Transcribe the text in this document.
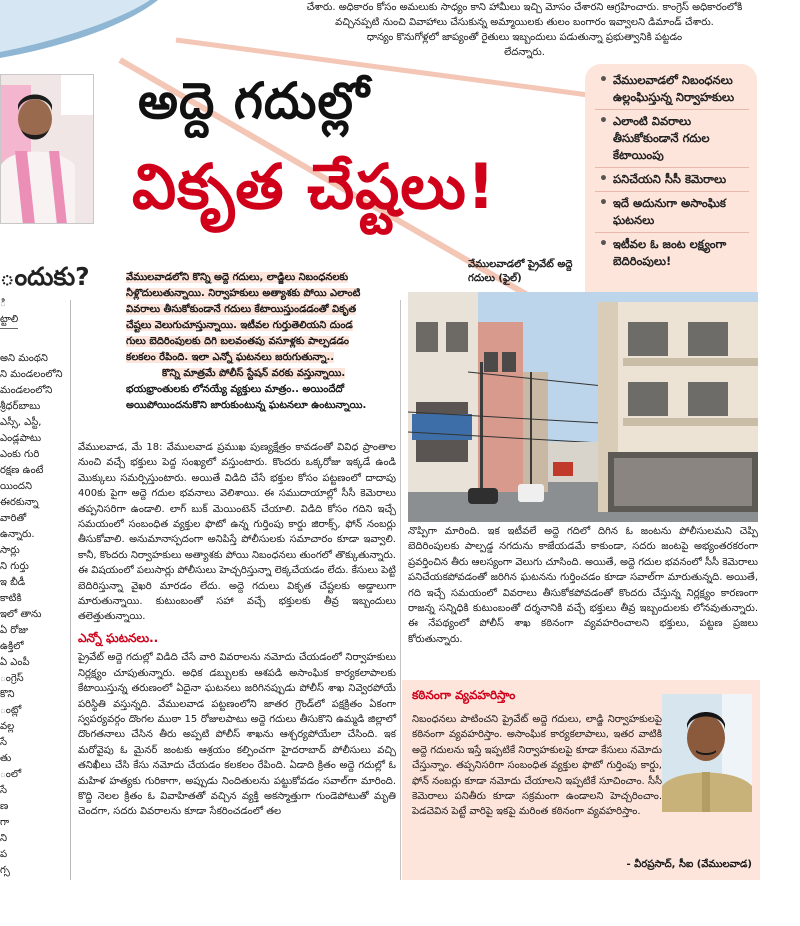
చేశారు. అధికారం కోసం అమలుకు సాధ్యం కాని హామీలు ఇచ్చి మోసం చేశారని ఆగ్రహించారు. కాంగ్రెస్ అధికారంలోకి

వచ్చినప్పటి నుంచి వివాహాలు చేసుకున్న అమ్మాయిలకు తులం బంగారం ఇవ్వాలని డిమాండ్ చేశారు.

ధాన్యం కొనుగోళ్లలో జాప్యంతో రైతులు ఇబ్బందులు పడుతున్నా ప్రభుత్వానికి పట్టడం

లేదన్నారు.

ందుకు?
ి
ట్టాలి

అని మంథని
ని మండలంలోని
మండలంలోని
శ్రీధర్‌బాబు
ఎస్సీ, ఎస్టీ,
ఎండ్లపాటు
ఎంకు గురి
రక్షణ ఉంటే
యిందని
ఈరకున్నా
వారితో
ఉన్నారు.
సార్లు
ని గుర్తు
ఇ బీడీ
కాటికి
ఇలో తాను
ఏ రోజు
ఉక్తిలో
ఏ ఎంపీ
ంగ్రెస్
కొని
ంట్లో
వల్ల
సే
తు
ంలో
సే
ణ
గా
ని
ప
గ్స
అద్దె గదుల్లో
వికృత చేష్టలు!
• వేములవాడలో నిబంధనలు ఉల్లంఘిస్తున్న నిర్వాహకులు
• ఎలాంటి వివరాలు తీసుకోకుండానే గదుల కేటాయింపు
• పనిచేయని సీసీ కెమెరాలు
• ఇదే అదునుగా అసాంఘిక ఘటనలు
• ఇటీవల ఓ జంట లక్ష్యంగా బెదిరింపులు!
వేములవాడలో ప్రైవేట్ అద్దె గదులు (ఫైల్)
వేములవాడలోని కొన్ని అద్దె గదులు, లాడ్జిలు నిబంధనలకు
నీళ్లొదులుతున్నాయి. నిర్వాహకులు అత్యాశకు పోయి ఎలాంటి
వివరాలు తీసుకోకుండానే గదులు కేటాయిస్తుండడంతో వికృత
చేష్టలు వెలుగుచూస్తున్నాయి. ఇటీవల గుర్తుతెలియని దుండ
గులు బెదిరింపులకు దిగి బలవంతపు వసూళ్లకు పాల్పడడం
కలకలం రేపింది. ఇలా ఎన్నో ఘటనలు జరుగుతున్నా..
కొన్ని మాత్రమే పోలీస్ స్టేషన్ వరకు వస్తున్నాయి.
భయభ్రాంతులకు లోనయ్యే వ్యక్తులు మాత్రం.. అయిందేదో
అయిపోయిందనుకొని జారుకుంటున్న ఘటనలూ ఉంటున్నాయి.

వేములవాడ, మే 18: వేములవాడ ప్రముఖ పుణ్యక్షేత్రం కావడంతో వివిధ ప్రాంతాల నుంచి వచ్చే భక్తులు పెద్ద సంఖ్యలో వస్తుంటారు. కొందరు ఒక్కరోజు ఇక్కడే ఉండి మొక్కులు సమర్పిస్తుంటారు. అయితే విడిది చేసే భక్తుల కోసం పట్టణంలో దాదాపు 400కు పైగా అద్దె గదుల భవనాలు వెలిశాయి. ఈ సముదాయాల్లో సీసీ కెమెరాలు తప్పనిసరిగా ఉండాలి. లాగ్ బుక్ మెయింటెన్ చేయాలి. విడిది కోసం గదిని ఇచ్చే సమయంలో సంబంధిత వ్యక్తుల ఫొటో ఉన్న గుర్తింపు కార్డు జిరాక్స్, ఫోన్ నంబర్లు తీసుకోవాలి. అనుమానాస్పదంగా అనిపిస్తే పోలీసులకు సమాచారం కూడా ఇవ్వాలి. కానీ, కొందరు నిర్వాహకులు అత్యాశకు పోయి నిబంధనలు తుంగలో తొక్కుతున్నారు. ఈ విషయంలో పలుసార్లు పోలీసులు హెచ్చరిస్తున్నా లెక్కచేయడం లేదు. కేసులు పెట్టి బెదిరిస్తున్నా వైఖరి మారడం లేదు. అద్దె గదులు వికృత చేష్టలకు అడ్డాలుగా మారుతున్నాయి. కుటుంబంతో సహా వచ్చే భక్తులకు తీవ్ర ఇబ్బందులు తలెత్తుతున్నాయి.

ఎన్నో ఘటనలు..

ప్రైవేట్ అద్దె గదుల్లో విడిది చేసే వారి వివరాలను నమోదు చేయడంలో నిర్వాహకులు నిర్లక్ష్యం చూపుతున్నారు. అధిక డబ్బులకు ఆశపడి అసాంఘిక కార్యకలాపాలకు కేటాయిస్తున్న తరుణంలో ఏదైనా ఘటనలు జరిగినప్పుడు పోలీస్ శాఖ నివ్వెరపోయే పరిస్థితి వస్తున్నది. వేములవాడ పట్టణంలోని జాతర గ్రౌండ్‌లో పక్షక్రితం ఏకంగా స్వపర్యవర్గం దొంగల ముఠా 15 రోజులపాటు అద్దె గదులు తీసుకొని ఉమ్మడి జిల్లాలో దొంగతనాలు చేసిన తీరు అప్పటి పోలీస్ శాఖను ఆశ్చర్యపోయేలా చేసింది. ఇక మరోవైపు ఓ మైనర్ జంటకు ఆశ్రయం కల్పించగా హైదరాబాద్ పోలీసులు వచ్చి తనిఖీలు చేసి కేసు నమోదు చేయడం కలకలం రేపింది. ఏడాది క్రితం అద్దె గదుల్లో ఓ మహిళ హత్యకు గురికాగా, అప్పుడు నిందితులను పట్టుకోవడం సవాల్‌గా మారింది. కొద్ది నెలల క్రితం ఓ వివాహితతో వచ్చిన వ్యక్తి అకస్మాత్తుగా గుండెపోటుతో మృతి చెందగా, సదరు వివరాలను కూడా సేకరించడంలో తల

నొప్పిగా మారింది. ఇక ఇటీవలే అద్దె గదిలో దిగిన ఓ జంటను పోలీసులమని చెప్పి బెదిరింపులకు పాల్పడ్డ నగదును కాజేయడమే కాకుండా, సదరు జంటపై అభ్యంతరకరంగా ప్రవర్తించిన తీరు ఆలస్యంగా వెలుగు చూసింది. అయితే, అద్దె గదుల భవనంలో సీసీ కెమెరాలు పనిచేయకపోవడంతో జరిగిన ఘటనను గుర్తించడం కూడా సవాల్‌గా మారుతున్నది. అయితే, గది ఇచ్చే సమయంలో వివరాలు తీసుకోకపోవడంతో కొందరు చేస్తున్న నిర్లక్ష్యం కారణంగా రాజన్న సన్నిధికి కుటుంబంతో దర్శనానికి వచ్చే భక్తులు తీవ్ర ఇబ్బందులకు లోనవుతున్నారు. ఈ నేపథ్యంలో పోలీస్ శాఖ కఠినంగా వ్యవహరించాలని భక్తులు, పట్టణ ప్రజలు కోరుతున్నారు.

కఠినంగా వ్యవహరిస్తాం
నిబంధనలు పాటించని ప్రైవేట్ అద్దె గదులు, లాడ్జి నిర్వాహకులపై కఠినంగా వ్యవహరిస్తాం. అసాంఘిక కార్యకలాపాలు, ఇతర వాటికి అద్దె గదులను ఇస్తే ఇప్పటికే నిర్వాహకులపై కూడా కేసులు నమోదు చేస్తున్నాం. తప్పనిసరిగా సంబంధిత వ్యక్తుల ఫొటో గుర్తింపు కార్డు, ఫోన్ నంబర్లు కూడా నమోదు చేయాలని ఇప్పటికే సూచించాం. సీసీ కెమెరాలు పనితీరు కూడా సక్రమంగా ఉండాలని హెచ్చరించాం. పెడచెవిన పెట్టే వారిపై ఇకపై మరింత కఠినంగా వ్యవహరిస్తాం.
- వీరప్రసాద్, సీఐ (వేములవాడ)
